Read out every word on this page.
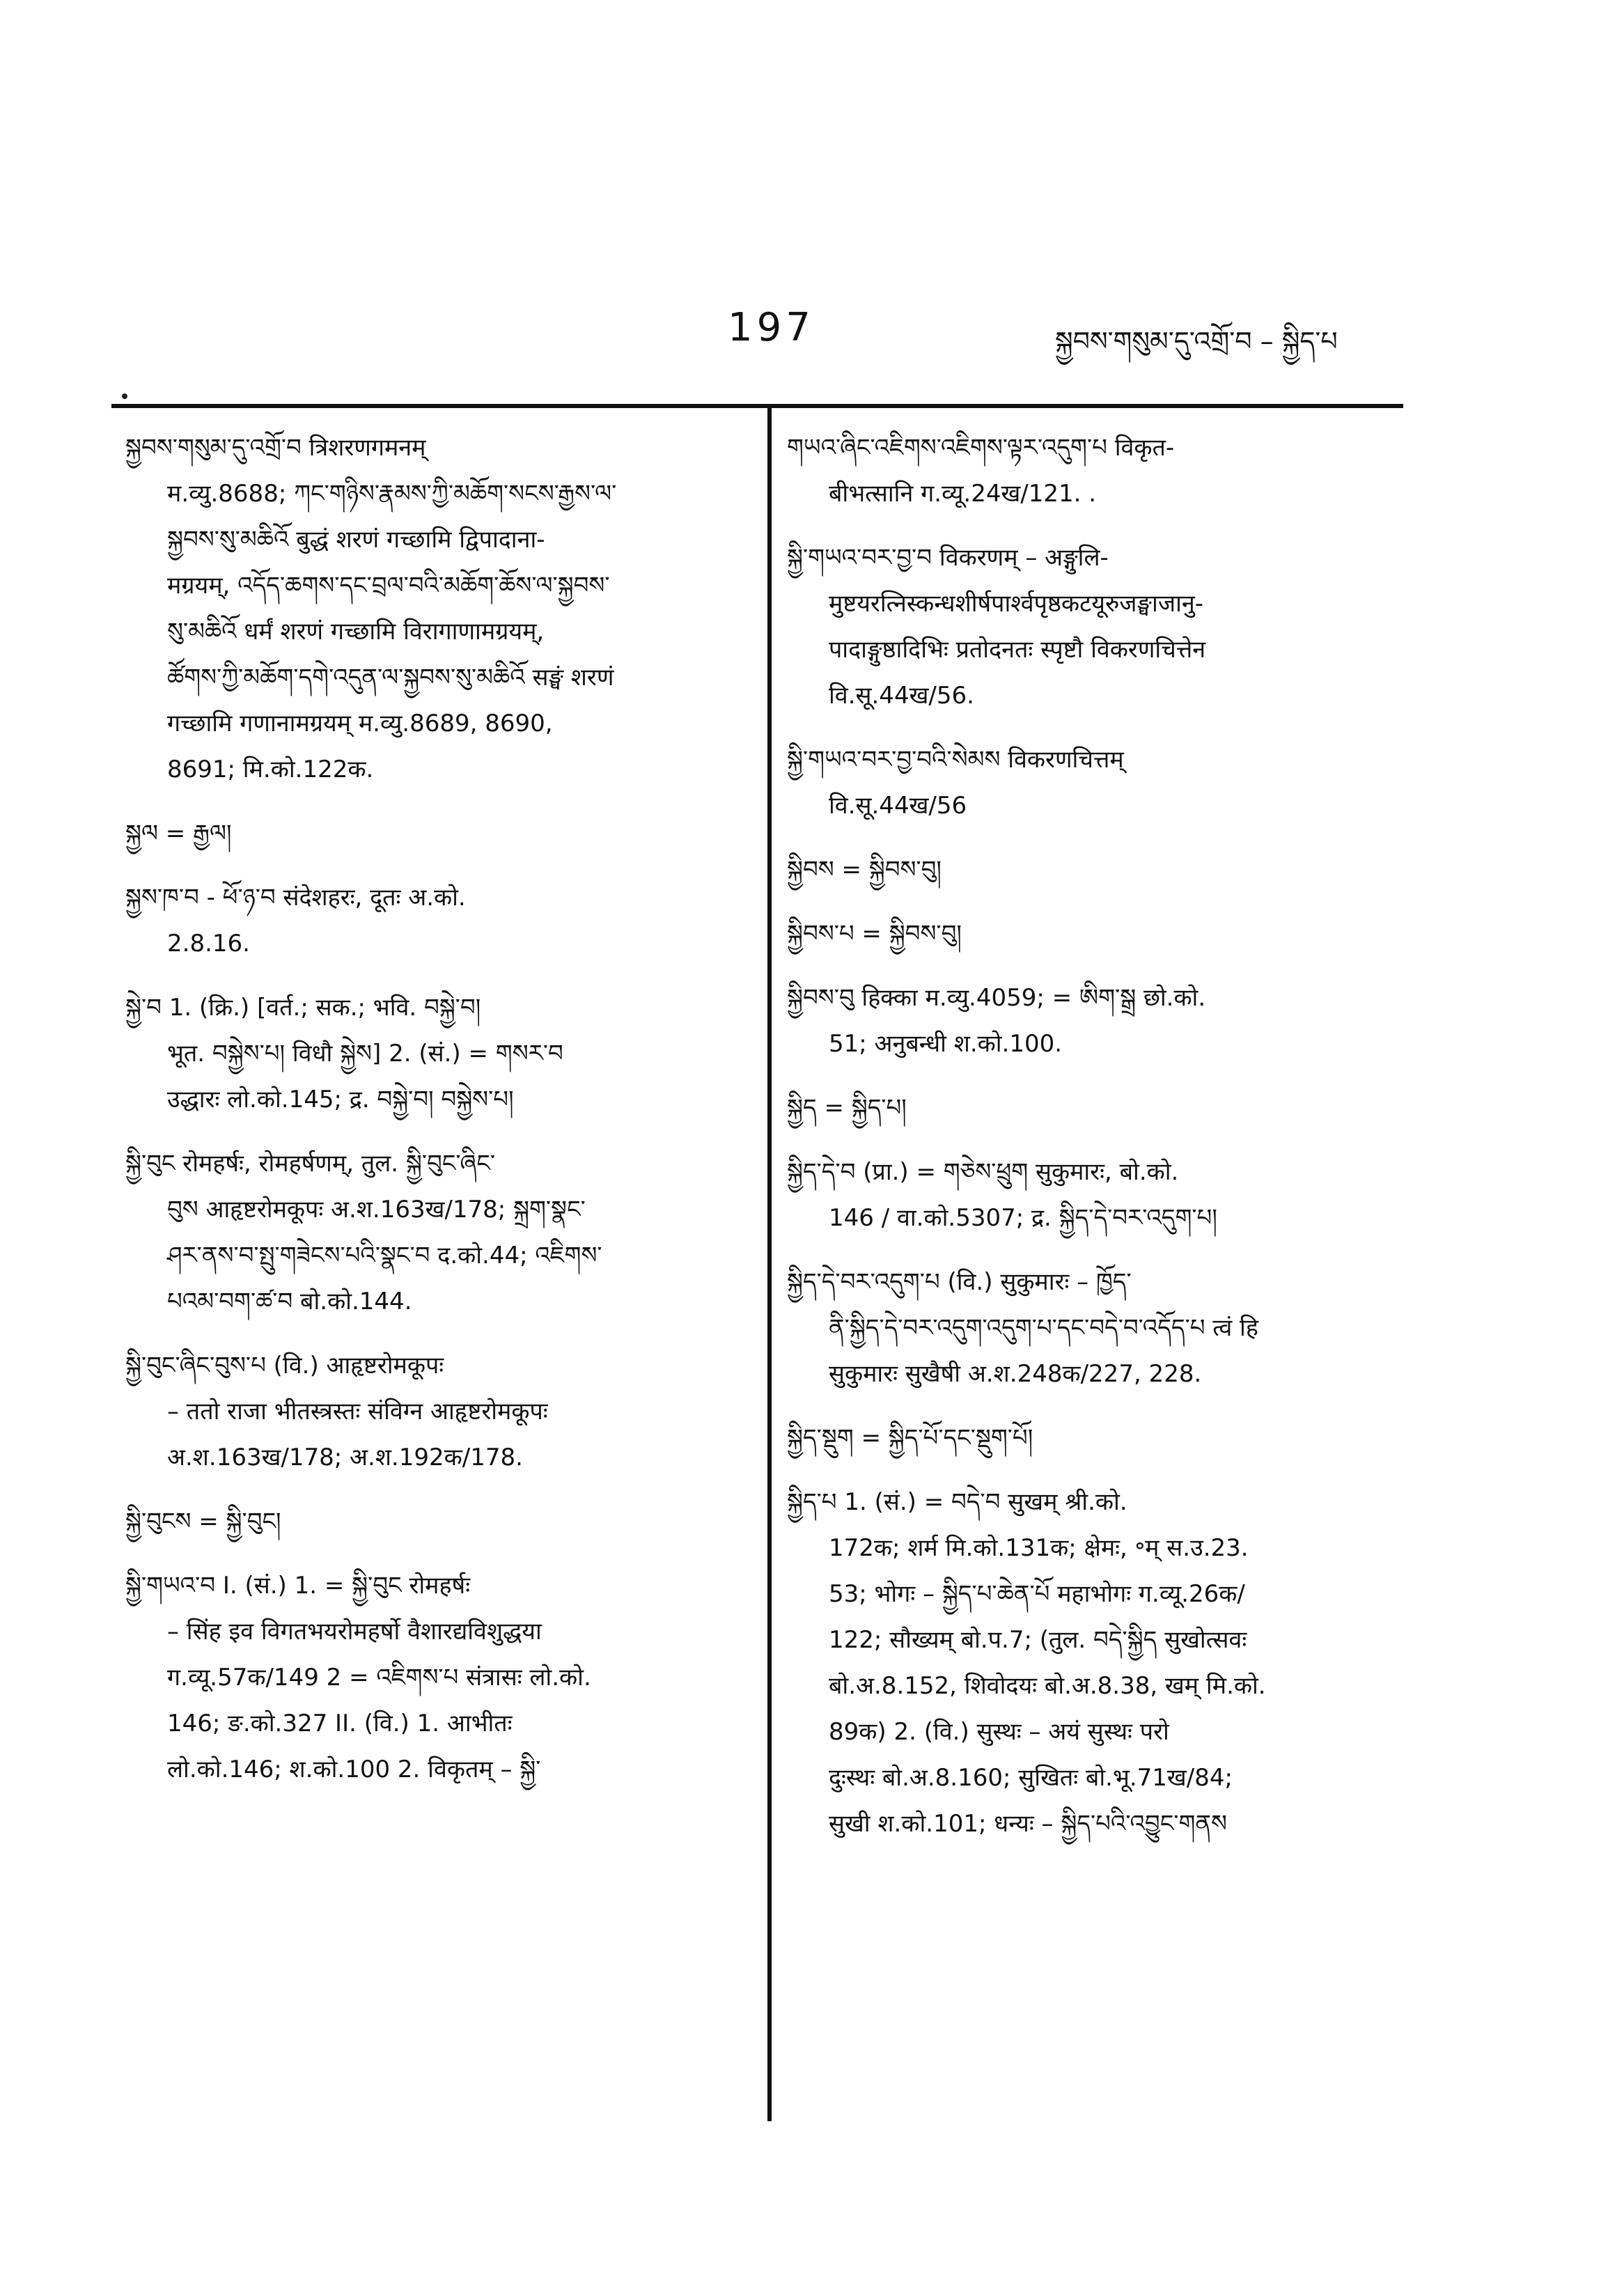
197	སྐྱབས་གསུམ་དུ་འགྲོ་བ – སྐྱིད་པ
སྐྱབས་གསུམ་དུ་འགྲོ་བ त्रिशरणगमनम्
म.व्यु.8688; ཀང་གཉིས་རྣམས་ཀྱི་མཆོག་སངས་རྒྱས་ལ་
སྐྱབས་སུ་མཆིའོ बुद्धं शरणं गच्छामि द्विपादाना-
मग्रयम्, འདོད་ཆགས་དང་བྲལ་བའི་མཆོག་ཆོས་ལ་སྐྱབས་
སུ་མཆིའོ धर्मं शरणं गच्छामि विरागाणामग्रयम्,
ཚོགས་ཀྱི་མཆོག་དགེ་འདུན་ལ་སྐྱབས་སུ་མཆིའོ सङ्घं शरणं
गच्छामि गणानामग्रयम् म.व्यु.8689, 8690,
8691; मि.को.122क.
སྐྱལ = རྒྱལ།
སྐྱས་ཁ་བ - ཕོ་ཉ་བ संदेशहरः, दूतः अ.को.
2.8.16.
སྐྱེ་བ 1. (क्रि.) [वर्त.; सक.; भवि. བསྐྱེ་བ།
भूत. བསྐྱེས་པ། विधौ སྐྱེས] 2. (सं.) = གསར་བ
उद्धारः लो.को.145; द्र. བསྐྱེ་བ། བསྐྱེས་པ།
སྐྱི་བུང रोमहर्षः, रोमहर्षणम्, तुल. སྐྱི་བུང་ཞིང་
བུས आहृष्टरोमकूपः अ.श.163ख/178; སྐྲག་སྣང་
ཤར་ནས་བ་སྤུ་གཟེངས་པའི་སྣང་བ द.को.44; འཇིགས་
པའམ་བག་ཚ་བ बो.को.144.
སྐྱི་བུང་ཞིང་བུས་པ (वि.) आहृष्टरोमकूपः
– ततो राजा भीतस्त्रस्तः संविग्न आहृष्टरोमकूपः
अ.श.163ख/178; अ.श.192क/178.
སྐྱི་བུངས = སྐྱི་བུང།
སྐྱི་གཡའ་བ I. (सं.) 1. = སྐྱི་བུང रोमहर्षः
– सिंह इव विगतभयरोमहर्षो वैशारद्यविशुद्धया
ग.व्यू.57क/149 2 = འཇིགས་པ संत्रासः लो.को.
146; ङ.को.327 II. (वि.) 1. आभीतः
लो.को.146; श.को.100 2. विकृतम् – སྐྱི་
གཡའ་ཞིང་འཇིགས་འཇིགས་ལྟར་འདུག་པ विकृत-
बीभत्सानि ग.व्यू.24ख/121. .
སྐྱི་གཡའ་བར་བྱ་བ विकरणम् – अङ्गुलि-
मुष्टयरत्निस्कन्धशीर्षपार्श्वपृष्ठकटयूरुजङ्घाजानु-
पादाङ्गुष्ठादिभिः प्रतोदनतः स्पृष्टौ विकरणचित्तेन
वि.सू.44ख/56.
སྐྱི་གཡའ་བར་བྱ་བའི་སེམས विकरणचित्तम्
वि.सू.44ख/56
སྐྱིབས = སྐྱིབས་བུ།
སྐྱིབས་པ = སྐྱིབས་བུ།
སྐྱིབས་བུ हिक्का म.व्यु.4059; = ཨིག་སྒྲ छो.को.
51; अनुबन्धी श.को.100.
སྐྱིད = སྐྱིད་པ།
སྐྱིད་དེ་བ (प्रा.) = གཅེས་ཕྲུག सुकुमारः, बो.को.
146 / वा.को.5307; द्र. སྐྱིད་དེ་བར་འདུག་པ།
སྐྱིད་དེ་བར་འདུག་པ (वि.) सुकुमारः – ཁྱོད་
ནི་སྐྱིད་དེ་བར་འདུག་འདུག་པ་དང་བདེ་བ་འདོད་པ त्वं हि
सुकुमारः सुखैषी अ.श.248क/227, 228.
སྐྱིད་སྡུག = སྐྱིད་པོ་དང་སྡུག་པོ།
སྐྱིད་པ 1. (सं.) = བདེ་བ सुखम् श्री.को.
172क; शर्म मि.को.131क; क्षेमः, ॰म् स.उ.23.
53; भोगः – སྐྱིད་པ་ཆེན་པོ महाभोगः ग.व्यू.26क/
122; सौख्यम् बो.प.7; (तुल. བདེ་སྐྱིད सुखोत्सवः
बो.अ.8.152, शिवोदयः बो.अ.8.38, खम् मि.को.
89क) 2. (वि.) सुस्थः – अयं सुस्थः परो
दुःस्थः बो.अ.8.160; सुखितः बो.भू.71ख/84;
सुखी श.को.101; धन्यः – སྐྱིད་པའི་འབྱུང་གནས
